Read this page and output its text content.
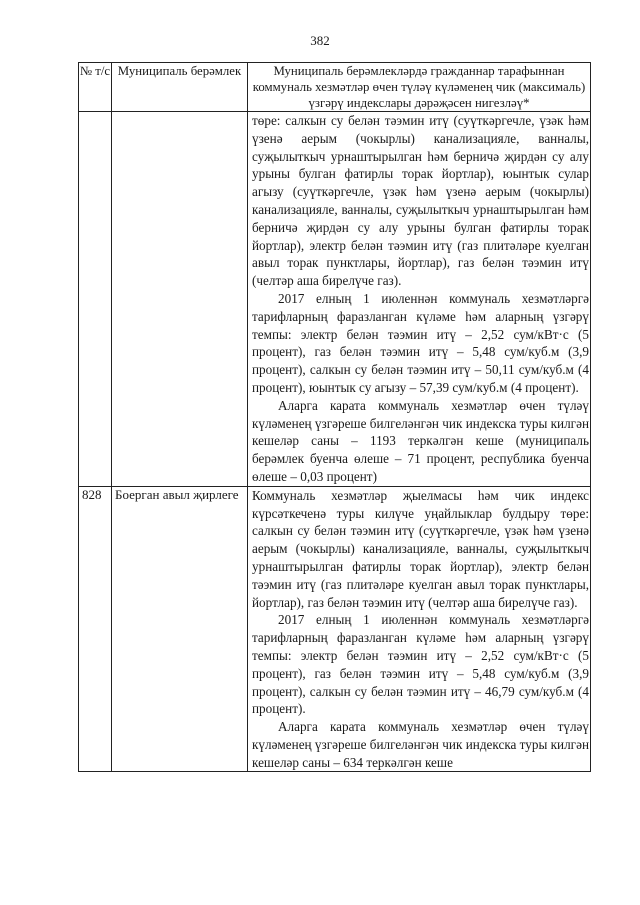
382
№ т/с	Муниципаль берәмлек	Муниципаль берәмлекләрдә гражданнар тарафыннан коммуналь хезмәтләр өчен түләү күләменең чик (максималь) үзгәрү индекслары дәрәҗәсен нигезләү*

		төре: салкын су белән тәэмин итү (суүткәргечле, үзәк һәм үзенә аерым (чокырлы) канализацияле, ванналы, суҗылыткыч урнаштырылган һәм берничә җирдән су алу урыны булган фатирлы торак йортлар), юынтык сулар агызу (суүткәргечле, үзәк һәм үзенә аерым (чокырлы) канализацияле, ванналы, суҗылыткыч урнаштырылган һәм берничә җирдән су алу урыны булган фатирлы торак йортлар), электр белән тәэмин итү (газ плитәләре куелган авыл торак пунктлары, йортлар), газ белән тәэмин итү (челтәр аша бирелүче газ).

2017 елның 1 июленнән коммуналь хезмәтләргә тарифларның фаразланган күләме һәм аларның үзгәрү темпы: электр белән тәэмин итү – 2,52 сум/кВт·с (5 процент), газ белән тәэмин итү – 5,48 сум/куб.м (3,9 процент), салкын су белән тәэмин итү – 50,11 сум/куб.м (4 процент), юынтык су агызу – 57,39 сум/куб.м (4 процент).

Аларга карата коммуналь хезмәтләр өчен түләү күләменең үзгәреше билгеләнгән чик индекска туры килгән кешеләр саны – 1193 теркәлгән кеше (муниципаль берәмлек буенча өлеше – 71 процент, республика буенча өлеше – 0,03 процент)

828	Боерган авыл җирлеге	Коммуналь хезмәтләр җыелмасы һәм чик индекс күрсәткеченә туры килүче уңайлыклар булдыру төре: салкын су белән тәэмин итү (суүткәргечле, үзәк һәм үзенә аерым (чокырлы) канализацияле, ванналы, суҗылыткыч урнаштырылган фатирлы торак йортлар), электр белән тәэмин итү (газ плитәләре куелган авыл торак пунктлары, йортлар), газ белән тәэмин итү (челтәр аша бирелүче газ).

2017 елның 1 июленнән коммуналь хезмәтләргә тарифларның фаразланган күләме һәм аларның үзгәрү темпы: электр белән тәэмин итү – 2,52 сум/кВт·с (5 процент), газ белән тәэмин итү – 5,48 сум/куб.м (3,9 процент), салкын су белән тәэмин итү – 46,79 сум/куб.м (4 процент).

Аларга карата коммуналь хезмәтләр өчен түләү күләменең үзгәреше билгеләнгән чик индекска туры килгән кешеләр саны – 634 теркәлгән кеше
